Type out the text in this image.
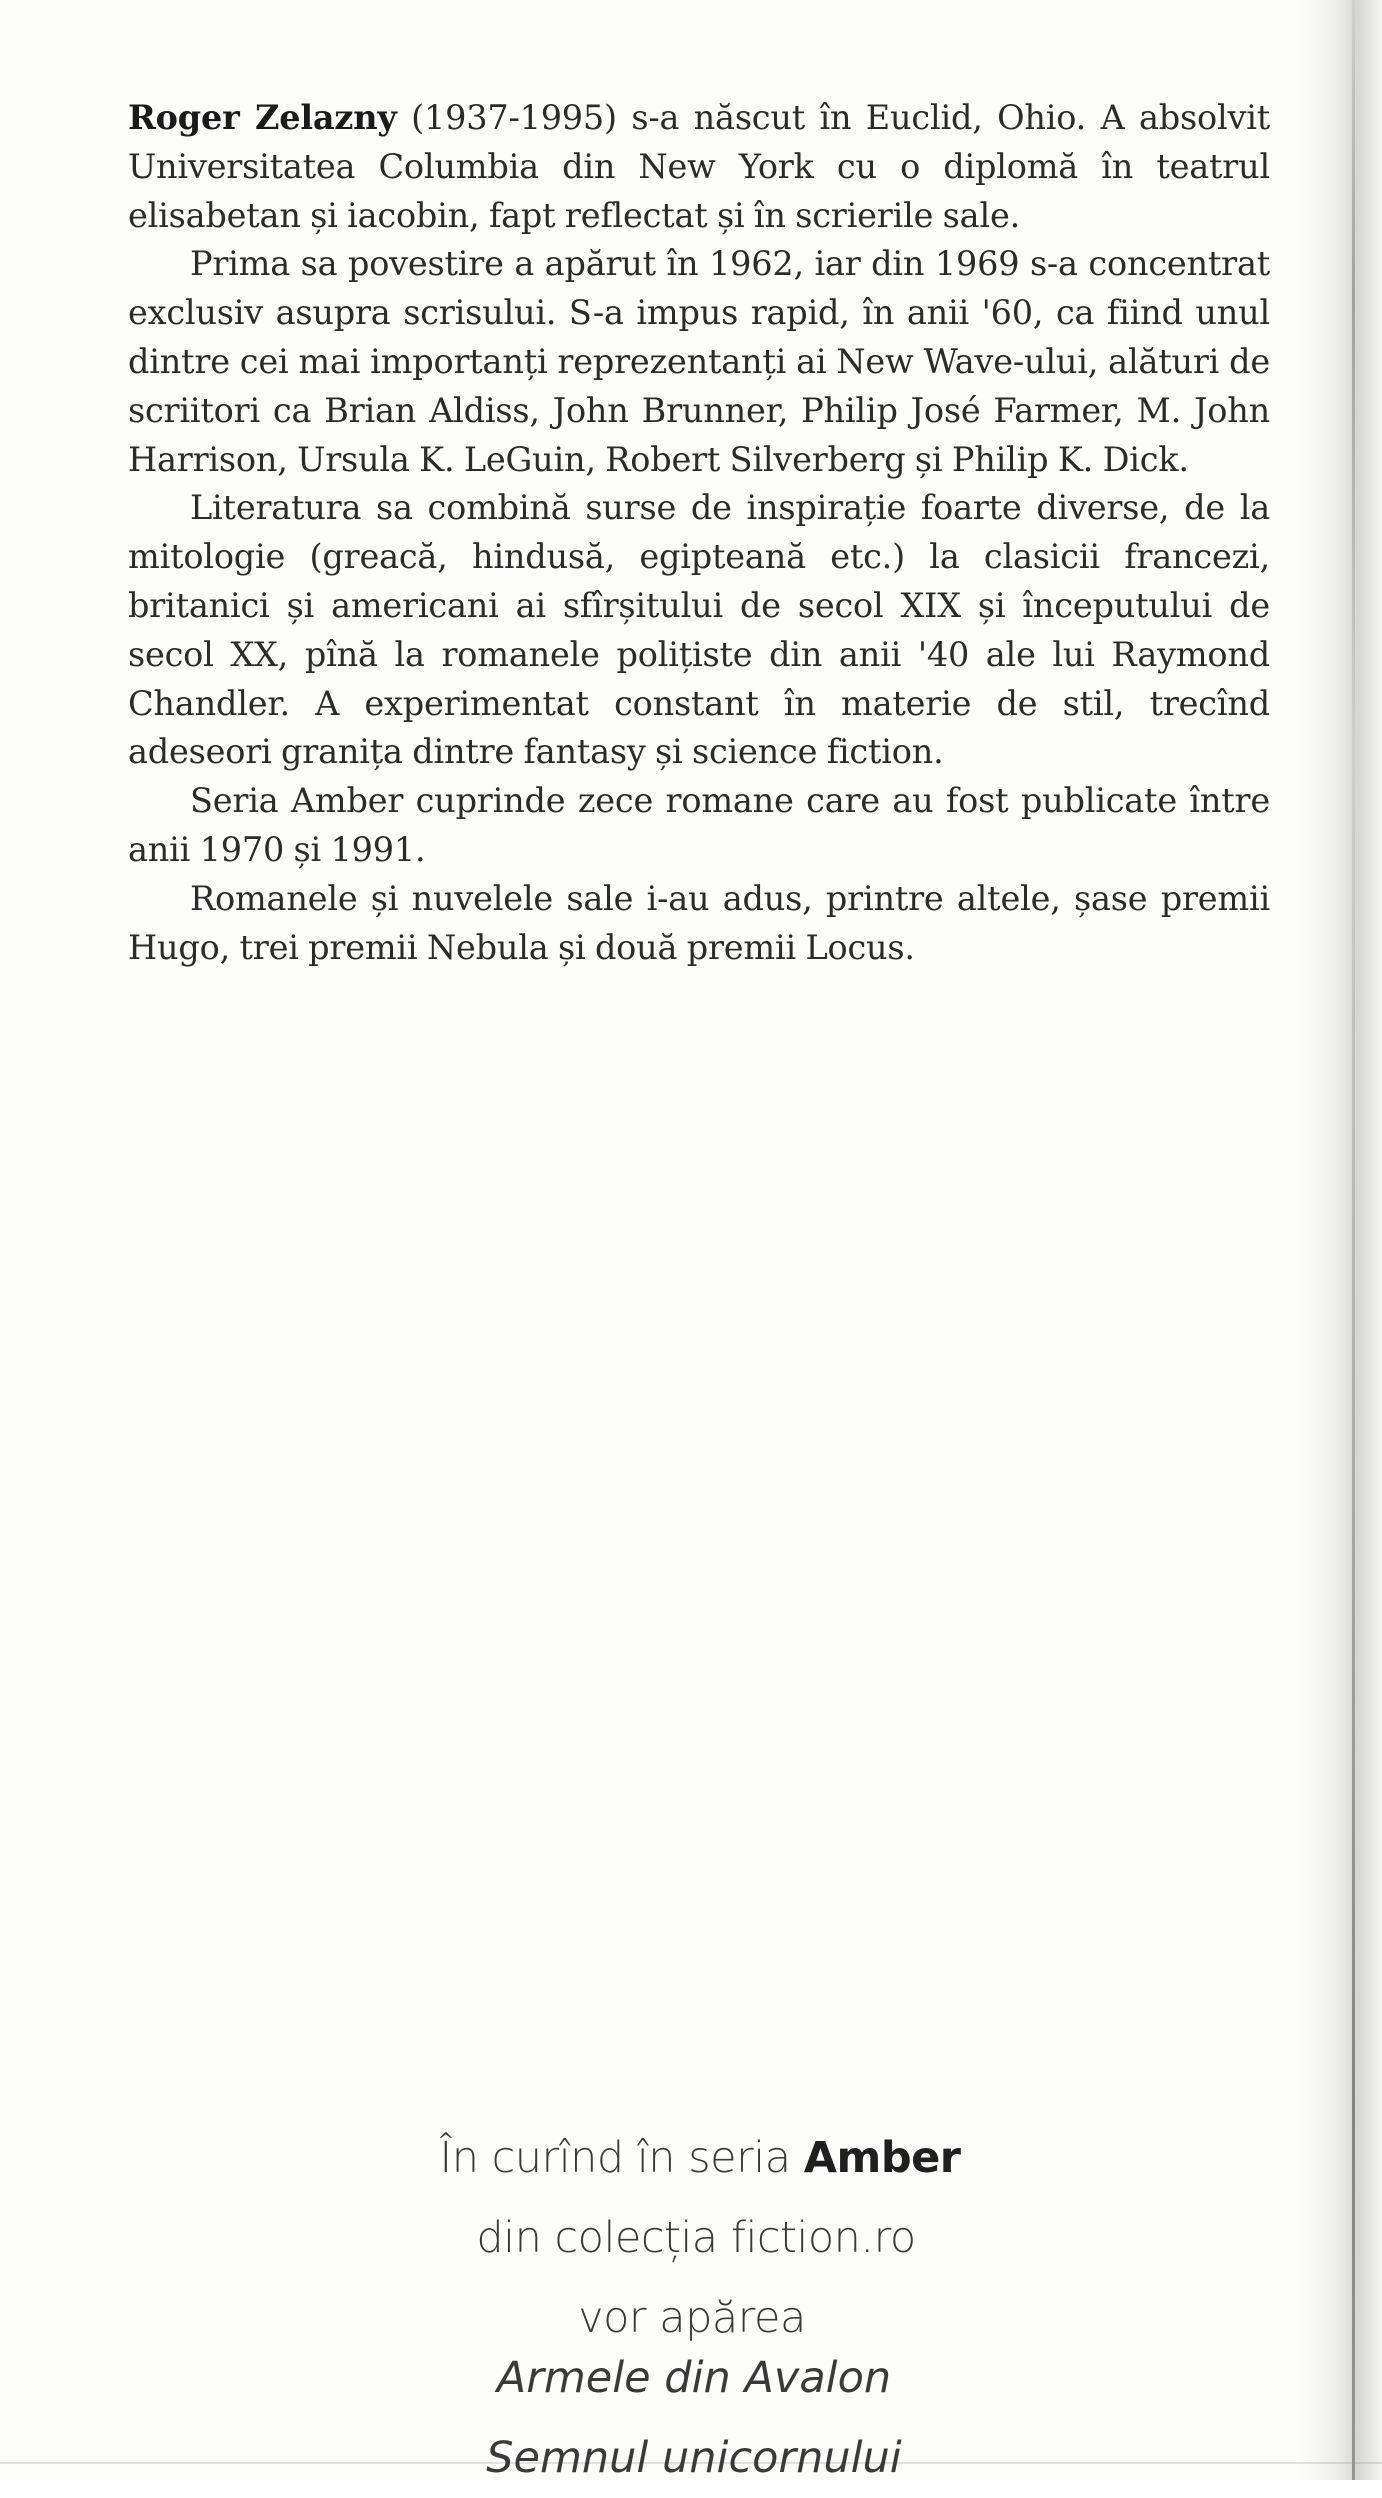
Roger Zelazny (1937-1995) s-a născut în Euclid, Ohio. A absolvit Universitatea Columbia din New York cu o diplomă în teatrul elisabetan și iacobin, fapt reflectat și în scrierile sale.

Prima sa povestire a apărut în 1962, iar din 1969 s-a concentrat exclusiv asupra scrisului. S-a impus rapid, în anii '60, ca fiind unul dintre cei mai importanți reprezentanți ai New Wave-ului, alături de scriitori ca Brian Aldiss, John Brunner, Philip José Farmer, M. John Harrison, Ursula K. LeGuin, Robert Silverberg și Philip K. Dick.

Literatura sa combină surse de inspirație foarte diverse, de la mitologie (greacă, hindusă, egipteană etc.) la clasicii francezi, britanici și americani ai sfîrșitului de secol XIX și începutului de secol XX, pînă la romanele polițiste din anii '40 ale lui Raymond Chandler. A experimentat constant în materie de stil, trecînd adeseori granița dintre fantasy și science fiction.

Seria Amber cuprinde zece romane care au fost publicate între anii 1970 și 1991.

Romanele și nuvelele sale i-au adus, printre altele, șase premii Hugo, trei premii Nebula și două premii Locus.

În curînd în seria Amber
din colecția fiction.ro
vor apărea
Armele din Avalon
Semnul unicornului
